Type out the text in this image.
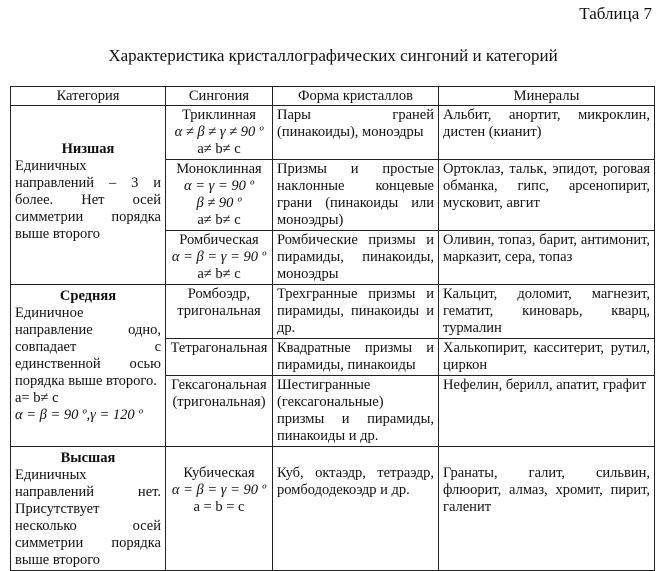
Таблица 7
Характеристика кристаллографических сингоний и категорий
Категория	Сингония	Форма кристаллов	Минералы

Низшая
Единичных направлений – 3 и более. Нет осей симметрии порядка выше второго	Триклинная
α ≠ β ≠ γ ≠ 90 º
a≠ b≠ c	Пары граней (пинакоиды), моноэдры	Альбит, анортит, микроклин, дистен (кианит)

	Моноклинная
α = γ = 90 º
β ≠ 90 º
a≠ b≠ c	Призмы и простые наклонные концевые грани (пинакоиды или моноэдры)	Ортоклаз, тальк, эпидот, роговая обманка, гипс, арсенопирит, мусковит, авгит

	Ромбическая
α = β = γ = 90 º
a≠ b≠ c	Ромбические призмы и пирамиды, пинакоиды, моноэдры	Оливин, топаз, барит, антимонит, марказит, сера, топаз

Средняя
Единичное направление одно, совпадает с единственной осью порядка выше второго.
a= b≠ c
α = β = 90 º,γ = 120 º	Ромбоэдр, тригональная	Трехгранные призмы и пирамиды, пинакоиды и др.	Кальцит, доломит, магнезит, гематит, киноварь, кварц, турмалин

	Тетрагональная	Квадратные призмы и пирамиды, пинакоиды	Халькопирит, касситерит, рутил, циркон

	Гексагональная (тригональная)	Шестигранные (гексагональные) призмы и пирамиды, пинакоиды и др.	Нефелин, берилл, апатит, графит

Высшая
Единичных направлений нет. Присутствует несколько осей симметрии порядка выше второго	Кубическая
α = β = γ = 90 º
a = b = c	Куб, октаэдр, тетраэдр, ромбододекоэдр и др.	Гранаты, галит, сильвин, флюорит, алмаз, хромит, пирит, галенит
